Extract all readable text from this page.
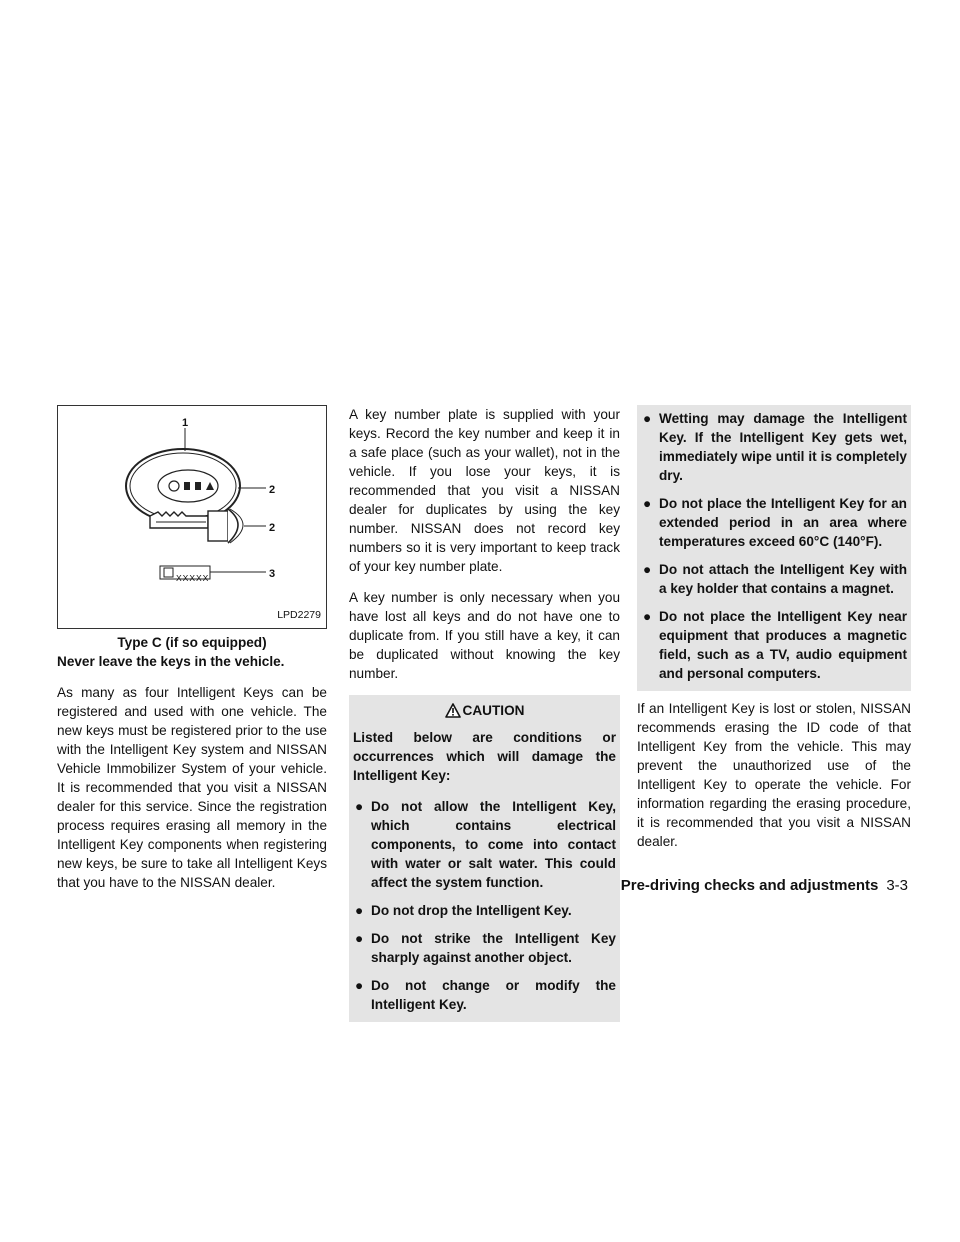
1
2
2
3
XXXXX
LPD2279
Type C (if so equipped)

Never leave the keys in the vehicle.

As many as four Intelligent Keys can be registered and used with one vehicle. The new keys must be registered prior to the use with the Intelligent Key system and NISSAN Vehicle Immobilizer System of your vehicle. It is recommended that you visit a NISSAN dealer for this service. Since the registration process requires erasing all memory in the Intelligent Key components when registering new keys, be sure to take all Intelligent Keys that you have to the NISSAN dealer.

A key number plate is supplied with your keys. Record the key number and keep it in a safe place (such as your wallet), not in the vehicle. If you lose your keys, it is recommended that you visit a NISSAN dealer for duplicates by using the key number. NISSAN does not record key numbers so it is very important to keep track of your key number plate.

A key number is only necessary when you have lost all keys and do not have one to duplicate from. If you still have a key, it can be duplicated without knowing the key number.

CAUTION

Listed below are conditions or occurrences which will damage the Intelligent Key:

● Do not allow the Intelligent Key, which contains electrical components, to come into contact with water or salt water. This could affect the system function.
● Do not drop the Intelligent Key.
● Do not strike the Intelligent Key sharply against another object.
● Do not change or modify the Intelligent Key.
● Wetting may damage the Intelligent Key. If the Intelligent Key gets wet, immediately wipe until it is completely dry.
● Do not place the Intelligent Key for an extended period in an area where temperatures exceed 60°C (140°F).
● Do not attach the Intelligent Key with a key holder that contains a magnet.
● Do not place the Intelligent Key near equipment that produces a magnetic field, such as a TV, audio equipment and personal computers.

If an Intelligent Key is lost or stolen, NISSAN recommends erasing the ID code of that Intelligent Key from the vehicle. This may prevent the unauthorized use of the Intelligent Key to operate the vehicle. For information regarding the erasing procedure, it is recommended that you visit a NISSAN dealer.

Pre-driving checks and adjustments 3-3
